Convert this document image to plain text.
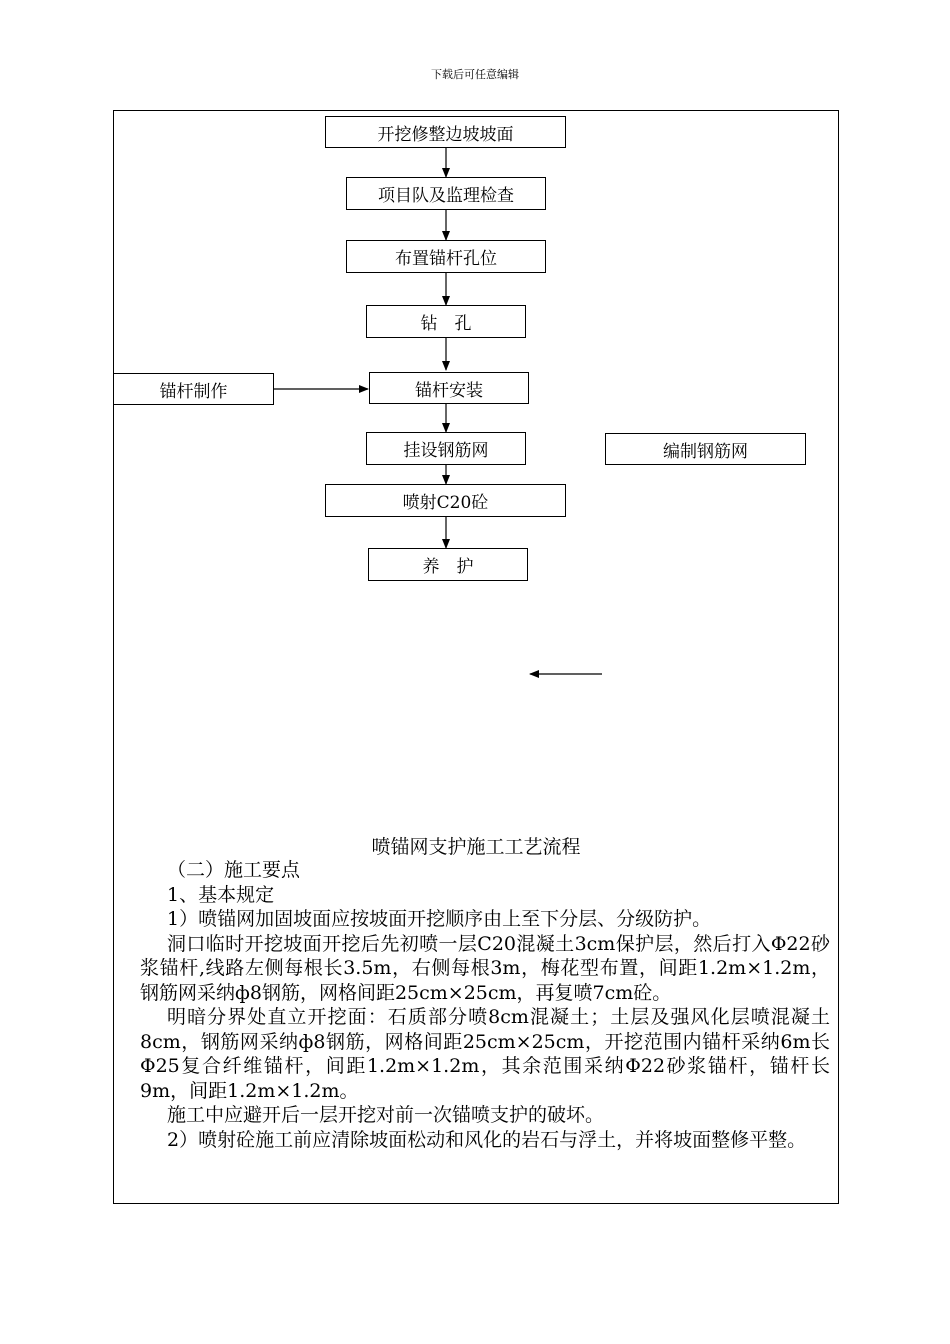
下载后可任意编辑
开挖修整边坡坡面
项目队及监理检查
布置锚杆孔位
钻　孔
锚杆安装
挂设钢筋网
喷射C20砼
养　护
锚杆制作
编制钢筋网
喷锚网支护施工工艺流程

（二）施工要点

1、基本规定

1）喷锚网加固坡面应按坡面开挖顺序由上至下分层、分级防护。

洞口临时开挖坡面开挖后先初喷一层C20混凝土3cm保护层，然后打入Φ22砂浆锚杆,线路左侧每根长3.5m，右侧每根3m，梅花型布置，间距1.2m×1.2m，钢筋网采纳ф8钢筋，网格间距25cm×25cm，再复喷7cm砼。

明暗分界处直立开挖面：石质部分喷8cm混凝土；土层及强风化层喷混凝土8cm，钢筋网采纳ф8钢筋，网格间距25cm×25cm，开挖范围内锚杆采纳6m长Φ25复合纤维锚杆，间距1.2m×1.2m，其余范围采纳Φ22砂浆锚杆，锚杆长9m，间距1.2m×1.2m。

施工中应避开后一层开挖对前一次锚喷支护的破坏。

2）喷射砼施工前应清除坡面松动和风化的岩石与浮土，并将坡面整修平整。
